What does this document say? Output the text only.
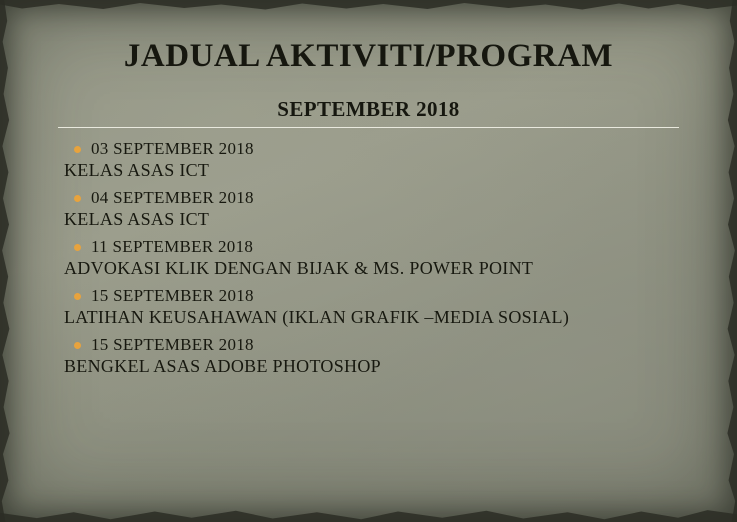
JADUAL AKTIVITI/PROGRAM
SEPTEMBER 2018
03 SEPTEMBER 2018
KELAS ASAS ICT
04 SEPTEMBER 2018
KELAS ASAS ICT
11 SEPTEMBER 2018
ADVOKASI KLIK DENGAN BIJAK & MS. POWER POINT
15 SEPTEMBER 2018
LATIHAN KEUSAHAWAN (IKLAN GRAFIK –MEDIA SOSIAL)
15 SEPTEMBER 2018
BENGKEL ASAS ADOBE PHOTOSHOP
